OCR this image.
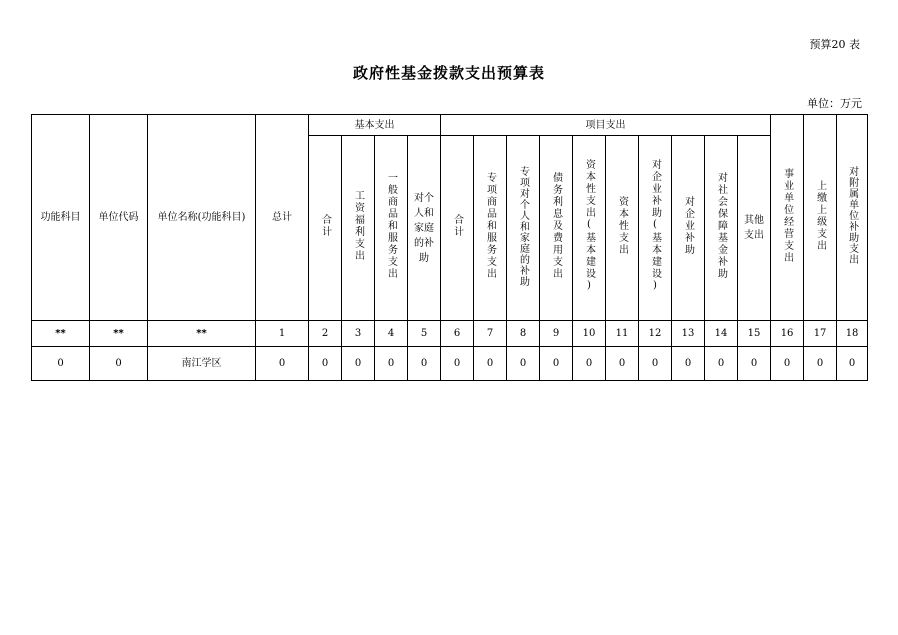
预算20 表
政府性基金拨款支出预算表
单位：万元
功能科目	单位代码	单位名称(功能科目)	总计	基本支出				项目支出										事业单位经营支出	上缴上级支出	对附属单位补助支出
				合计	工资福利支出	一般商品和服务支出	对个人和家庭的补助	合计	专项商品和服务支出	专项对个人和家庭的补助	债务利息及费用支出	资本性支出(基本建设)	资本性支出	对企业补助(基本建设)	对企业补助	对社会保障基金补助	其他支出			
**	**	**	1	2	3	4	5	6	7	8	9	10	11	12	13	14	15	16	17	18
0	0	南江学区	0	0	0	0	0	0	0	0	0	0	0	0	0	0	0	0	0	0
